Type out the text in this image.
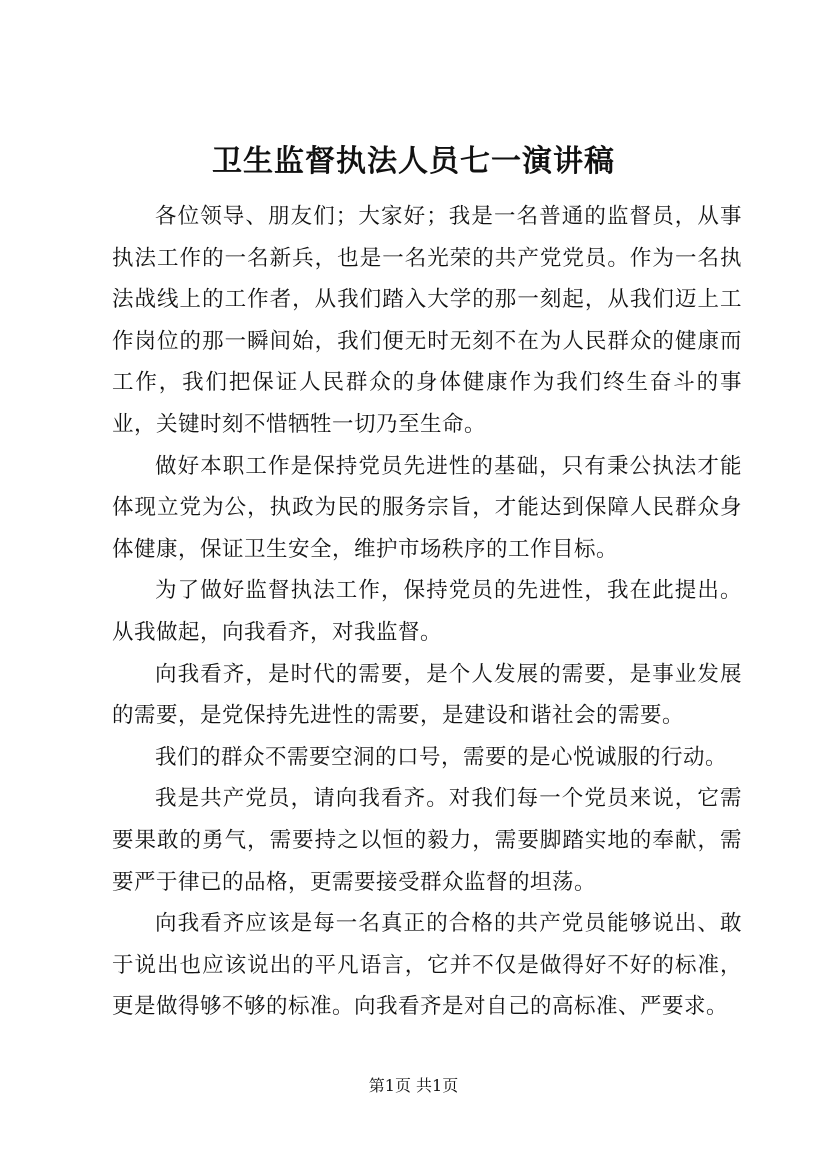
卫生监督执法人员七一演讲稿

各位领导、朋友们；大家好；我是一名普通的监督员，从事执法工作的一名新兵，也是一名光荣的共产党党员。作为一名执法战线上的工作者，从我们踏入大学的那一刻起，从我们迈上工作岗位的那一瞬间始，我们便无时无刻不在为人民群众的健康而工作，我们把保证人民群众的身体健康作为我们终生奋斗的事业，关键时刻不惜牺牲一切乃至生命。

做好本职工作是保持党员先进性的基础，只有秉公执法才能体现立党为公，执政为民的服务宗旨，才能达到保障人民群众身体健康，保证卫生安全，维护市场秩序的工作目标。

为了做好监督执法工作，保持党员的先进性，我在此提出。从我做起，向我看齐，对我监督。

向我看齐，是时代的需要，是个人发展的需要，是事业发展的需要，是党保持先进性的需要，是建设和谐社会的需要。

我们的群众不需要空洞的口号，需要的是心悦诚服的行动。

我是共产党员，请向我看齐。对我们每一个党员来说，它需要果敢的勇气，需要持之以恒的毅力，需要脚踏实地的奉献，需要严于律已的品格，更需要接受群众监督的坦荡。

向我看齐应该是每一名真正的合格的共产党员能够说出、敢于说出也应该说出的平凡语言，它并不仅是做得好不好的标准，更是做得够不够的标准。向我看齐是对自己的高标准、严要求。

第1页 共1页
